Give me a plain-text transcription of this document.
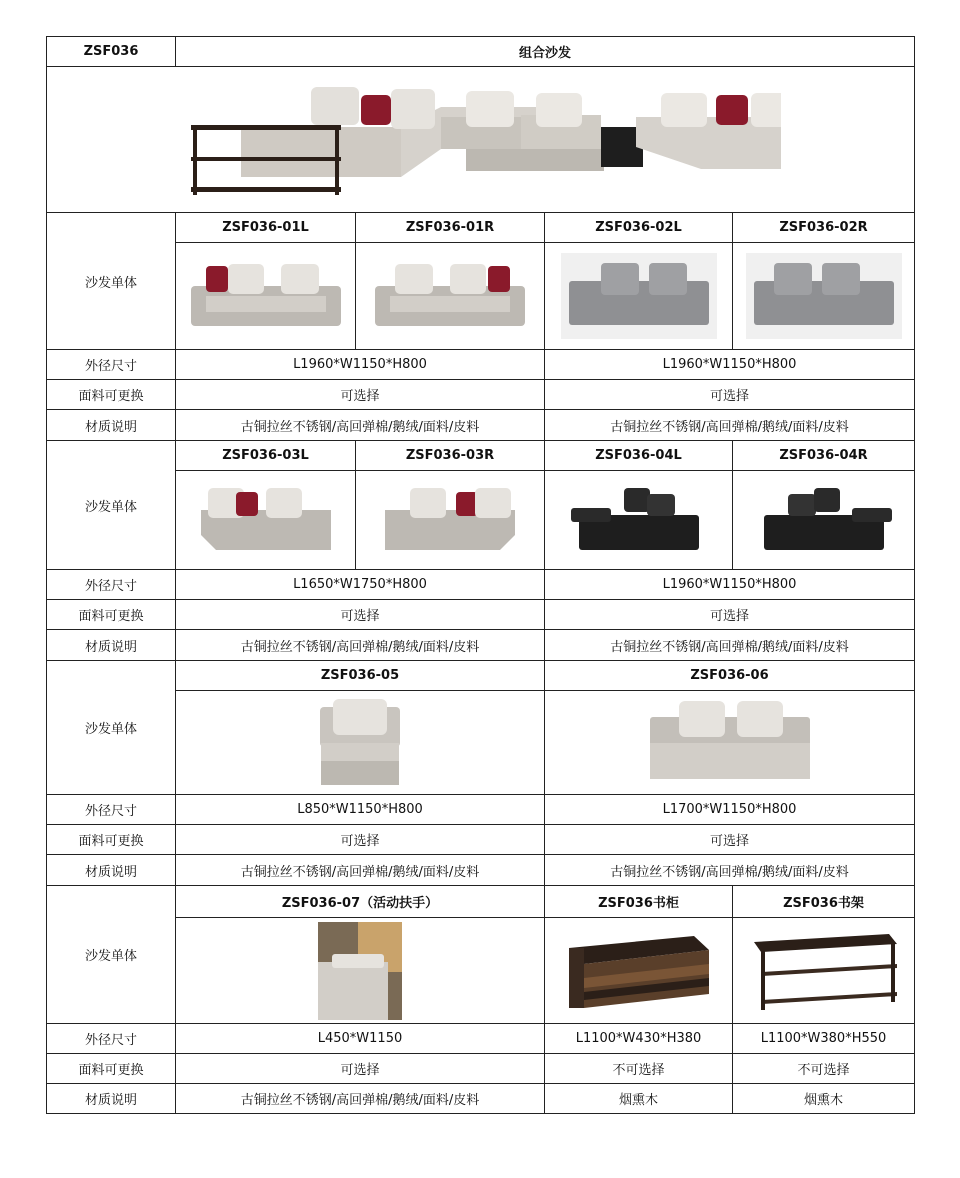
ZSF036	组合沙发			

沙发单体	ZSF036-01L	ZSF036-01R	ZSF036-02L	ZSF036-02R

外径尺寸	L1960*W1150*H800		L1960*W1150*H800	
面料可更换	可选择		可选择	
材质说明	古铜拉丝不锈钢/高回弹棉/鹅绒/面料/皮料		古铜拉丝不锈钢/高回弹棉/鹅绒/面料/皮料	
沙发单体	ZSF036-03L	ZSF036-03R	ZSF036-04L	ZSF036-04R

外径尺寸	L1650*W1750*H800		L1960*W1150*H800	
面料可更换	可选择		可选择	
材质说明	古铜拉丝不锈钢/高回弹棉/鹅绒/面料/皮料		古铜拉丝不锈钢/高回弹棉/鹅绒/面料/皮料	
沙发单体	ZSF036-05		ZSF036-06	

外径尺寸	L850*W1150*H800		L1700*W1150*H800	
面料可更换	可选择		可选择	
材质说明	古铜拉丝不锈钢/高回弹棉/鹅绒/面料/皮料		古铜拉丝不锈钢/高回弹棉/鹅绒/面料/皮料	
沙发单体	ZSF036-07（活动扶手）		ZSF036书柜	ZSF036书架

外径尺寸	L450*W1150		L1100*W430*H380	L1100*W380*H550
面料可更换	可选择		不可选择	不可选择
材质说明	古铜拉丝不锈钢/高回弹棉/鹅绒/面料/皮料		烟熏木	烟熏木
